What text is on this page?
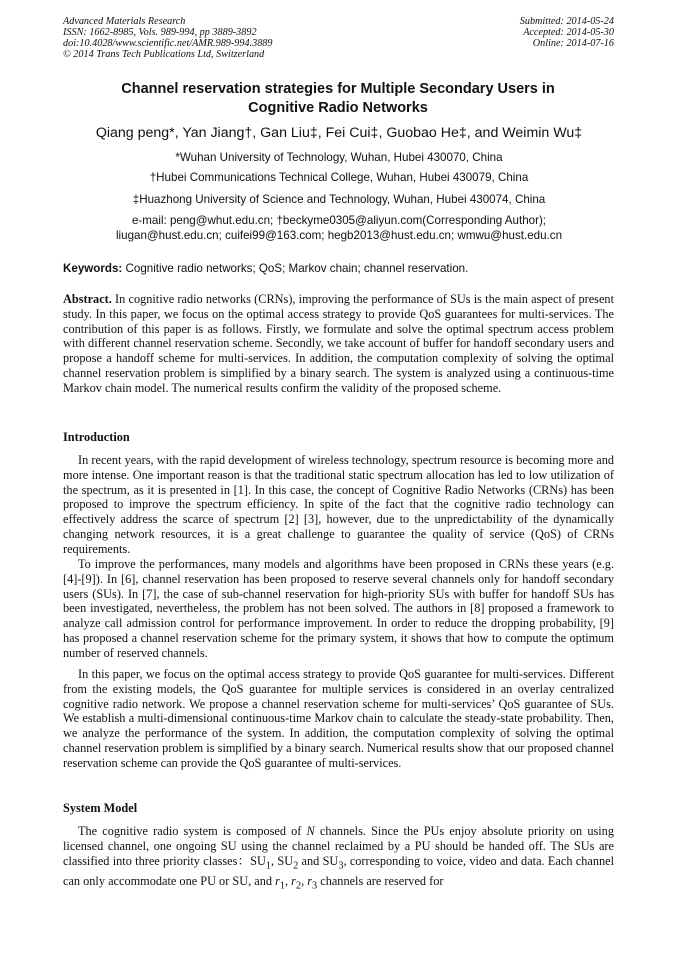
Advanced Materials Research
ISSN: 1662-8985, Vols. 989-994, pp 3889-3892
doi:10.4028/www.scientific.net/AMR.989-994.3889
© 2014 Trans Tech Publications Ltd, Switzerland
Submitted: 2014-05-24
Accepted: 2014-05-30
Online: 2014-07-16
Channel reservation strategies for Multiple Secondary Users in
Cognitive Radio Networks
Qiang peng*, Yan Jiang†, Gan Liu‡, Fei Cui‡, Guobao He‡, and Weimin Wu‡
*Wuhan University of Technology, Wuhan, Hubei 430070, China
†Hubei Communications Technical College, Wuhan, Hubei 430079, China
‡Huazhong University of Science and Technology, Wuhan, Hubei 430074, China
e-mail: peng@whut.edu.cn; †beckyme0305@aliyun.com(Corresponding Author);
liugan@hust.edu.cn; cuifei99@163.com; hegb2013@hust.edu.cn; wmwu@hust.edu.cn
Keywords: Cognitive radio networks; QoS; Markov chain; channel reservation.
Abstract. In cognitive radio networks (CRNs), improving the performance of SUs is the main aspect of present study. In this paper, we focus on the optimal access strategy to provide QoS guarantees for multi-services. The contribution of this paper is as follows. Firstly, we formulate and solve the optimal spectrum access problem with different channel reservation scheme. Secondly, we take account of buffer for handoff secondary users and propose a handoff scheme for multi-services. In addition, the computation complexity of solving the optimal channel reservation problem is simplified by a binary search. The system is analyzed using a continuous-time Markov chain model. The numerical results confirm the validity of the proposed scheme.
Introduction
In recent years, with the rapid development of wireless technology, spectrum resource is becoming more and more intense. One important reason is that the traditional static spectrum allocation has led to low utilization of the spectrum, as it is presented in [1]. In this case, the concept of Cognitive Radio Networks (CRNs) has been proposed to improve the spectrum efficiency. In spite of the fact that the cognitive radio technology can effectively address the scarce of spectrum [2] [3], however, due to the unpredictability of the dynamically changing network resources, it is a great challenge to guarantee the quality of service (QoS) of CRNs requirements.
To improve the performances, many models and algorithms have been proposed in CRNs these years (e.g. [4]-[9]). In [6], channel reservation has been proposed to reserve several channels only for handoff secondary users (SUs). In [7], the case of sub-channel reservation for high-priority SUs with buffer for handoff SUs has been investigated, nevertheless, the problem has not been solved. The authors in [8] proposed a framework to analyze call admission control for performance improvement. In order to reduce the dropping probability, [9] has proposed a channel reservation scheme for the primary system, it shows that how to compute the optimum number of reserved channels.
In this paper, we focus on the optimal access strategy to provide QoS guarantee for multi-services. Different from the existing models, the QoS guarantee for multiple services is considered in an overlay centralized cognitive radio network. We propose a channel reservation scheme for multi-services’ QoS guarantee of SUs. We establish a multi-dimensional continuous-time Markov chain to calculate the steady-state probability. Then, we analyze the performance of the system. In addition, the computation complexity of solving the optimal channel reservation problem is simplified by a binary search. Numerical results show that our proposed channel reservation scheme can provide the QoS guarantee of multi-services.
System Model
The cognitive radio system is composed of N channels. Since the PUs enjoy absolute priority on using licensed channel, one ongoing SU using the channel reclaimed by a PU should be handed off. The SUs are classified into three priority classes：$SU_1$, $SU_2$ and $SU_3$, corresponding to voice, video and data. Each channel can only accommodate one PU or SU, and $r_1$, $r_2$, $r_3$ channels are reserved for
